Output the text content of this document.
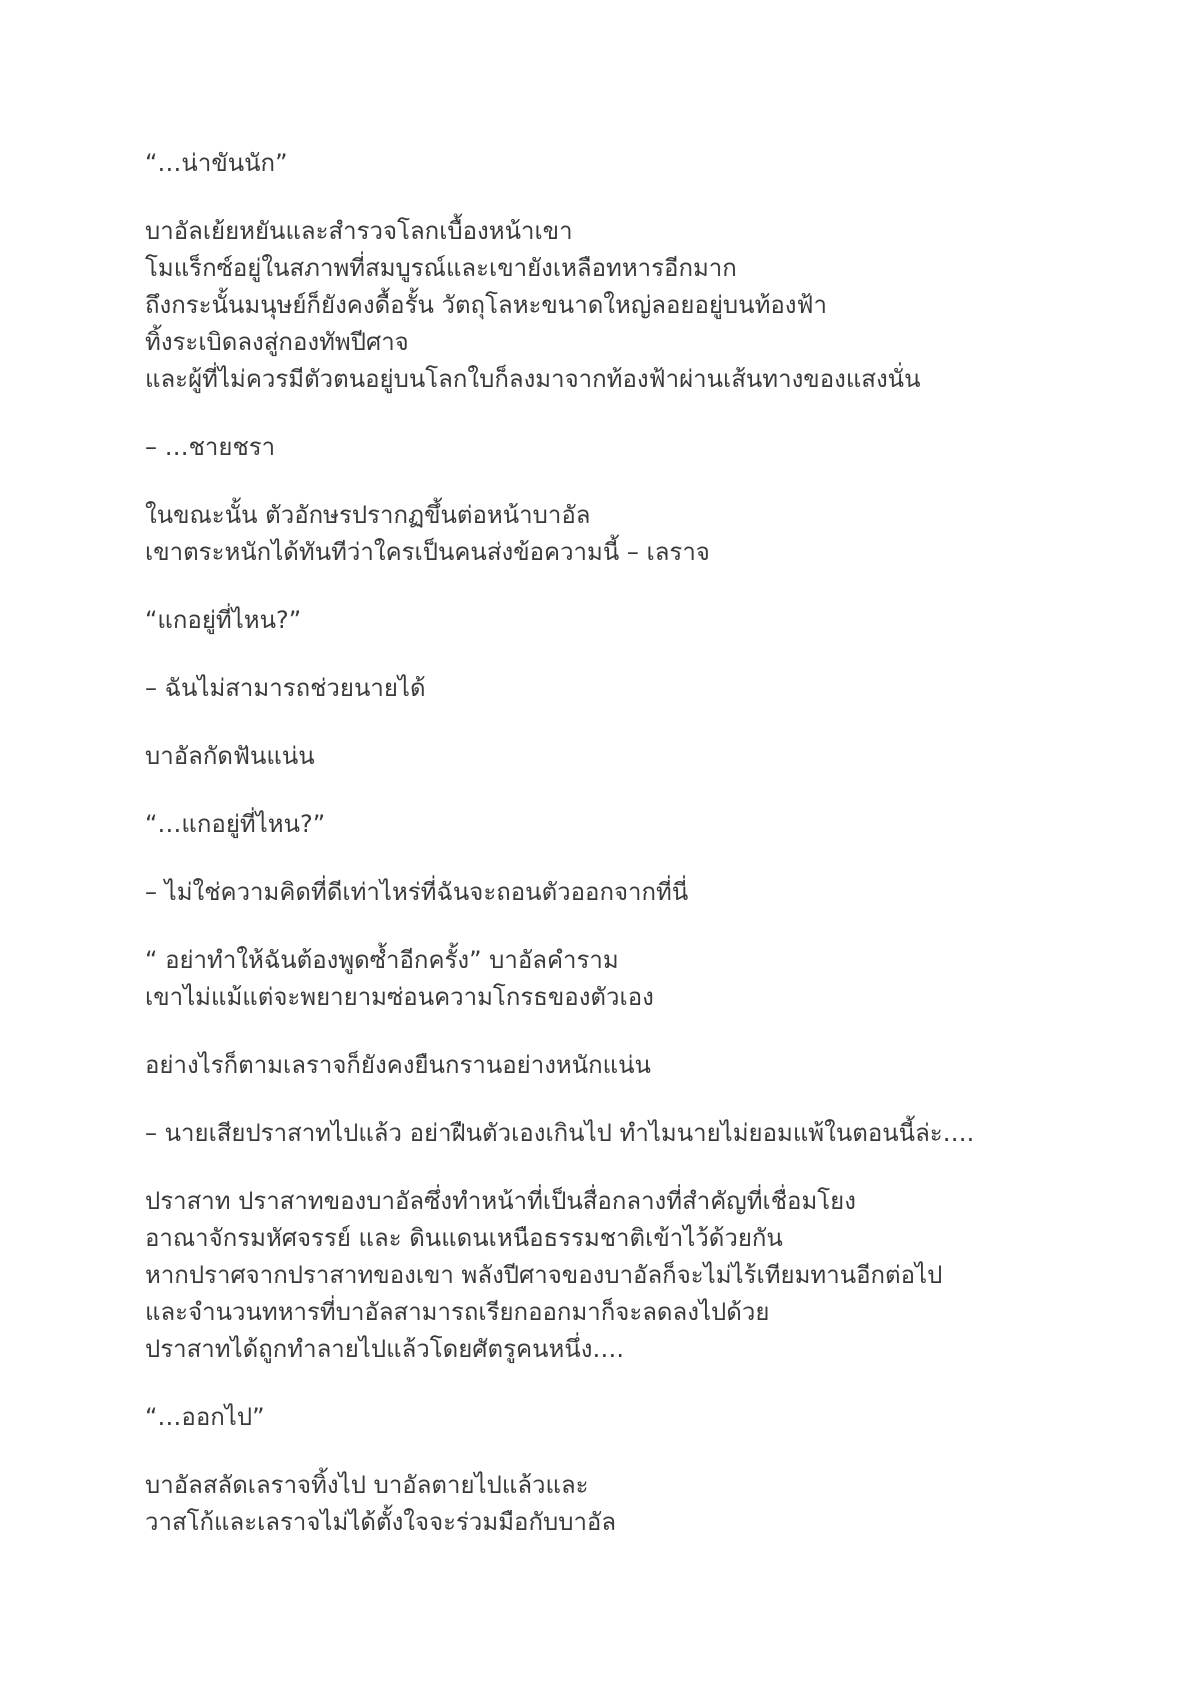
“…น่าขันนัก”
บาอัลเย้ยหยันและสำรวจโลกเบื้องหน้าเขา
โมแร็กซ์อยู่ในสภาพที่สมบูรณ์และเขายังเหลือทหารอีกมาก
ถึงกระนั้นมนุษย์ก็ยังคงดื้อรั้น วัตถุโลหะขนาดใหญ่ลอยอยู่บนท้องฟ้า
ทิ้งระเบิดลงสู่กองทัพปีศาจ
และผู้ที่ไม่ควรมีตัวตนอยู่บนโลกใบก็ลงมาจากท้องฟ้าผ่านเส้นทางของแสงนั่น
– …ชายชรา
ในขณะนั้น ตัวอักษรปรากฏขึ้นต่อหน้าบาอัล
เขาตระหนักได้ทันทีว่าใครเป็นคนส่งข้อความนี้ – เลราจ
“แกอยู่ที่ไหน?”
– ฉันไม่สามารถช่วยนายได้
บาอัลกัดฟันแน่น
“…แกอยู่ที่ไหน?”
– ไม่ใช่ความคิดที่ดีเท่าไหร่ที่ฉันจะถอนตัวออกจากที่นี่
“ อย่าทำให้ฉันต้องพูดซ้ำอีกครั้ง” บาอัลคำราม
เขาไม่แม้แต่จะพยายามซ่อนความโกรธของตัวเอง
อย่างไรก็ตามเลราจก็ยังคงยืนกรานอย่างหนักแน่น
– นายเสียปราสาทไปแล้ว อย่าฝืนตัวเองเกินไป ทำไมนายไม่ยอมแพ้ในตอนนี้ล่ะ….
ปราสาท ปราสาทของบาอัลซึ่งทำหน้าที่เป็นสื่อกลางที่สำคัญที่เชื่อมโยง
อาณาจักรมหัศจรรย์ และ ดินแดนเหนือธรรมชาติเข้าไว้ด้วยกัน
หากปราศจากปราสาทของเขา พลังปีศาจของบาอัลก็จะไม่ไร้เทียมทานอีกต่อไป
และจำนวนทหารที่บาอัลสามารถเรียกออกมาก็จะลดลงไปด้วย
ปราสาทได้ถูกทำลายไปแล้วโดยศัตรูคนหนึ่ง….
“…ออกไป”
บาอัลสลัดเลราจทิ้งไป บาอัลตายไปแล้วและ
วาสโก้และเลราจไม่ได้ตั้งใจจะร่วมมือกับบาอัล
